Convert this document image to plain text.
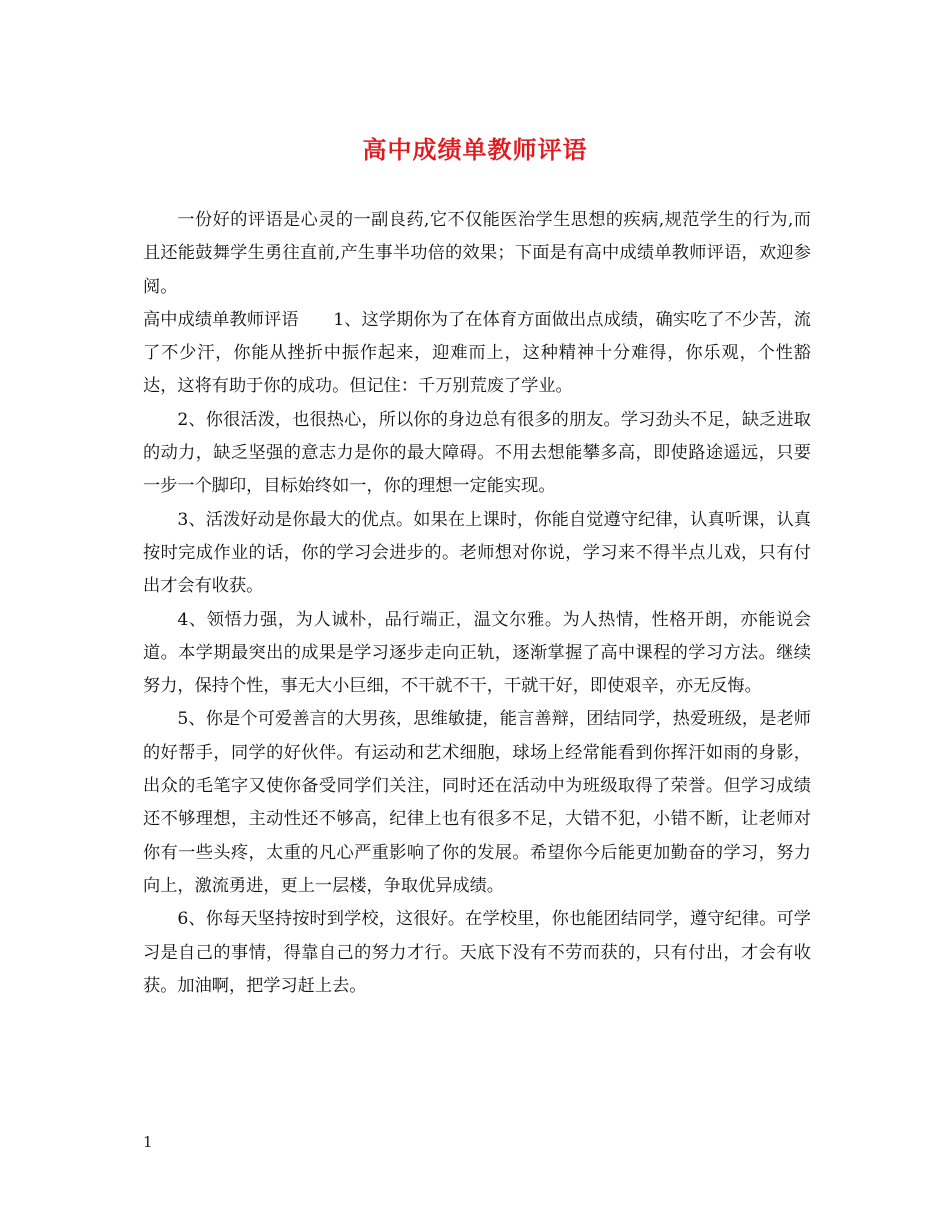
高中成绩单教师评语

一份好的评语是心灵的一副良药,它不仅能医治学生思想的疾病,规范学生的行为,而且还能鼓舞学生勇往直前,产生事半功倍的效果；下面是有高中成绩单教师评语，欢迎参阅。

高中成绩单教师评语　　1、这学期你为了在体育方面做出点成绩，确实吃了不少苦，流了不少汗，你能从挫折中振作起来，迎难而上，这种精神十分难得，你乐观，个性豁达，这将有助于你的成功。但记住：千万别荒废了学业。

2、你很活泼，也很热心，所以你的身边总有很多的朋友。学习劲头不足，缺乏进取的动力，缺乏坚强的意志力是你的最大障碍。不用去想能攀多高，即使路途遥远，只要一步一个脚印，目标始终如一，你的理想一定能实现。

3、活泼好动是你最大的优点。如果在上课时，你能自觉遵守纪律，认真听课，认真按时完成作业的话，你的学习会进步的。老师想对你说，学习来不得半点儿戏，只有付出才会有收获。

4、领悟力强，为人诚朴，品行端正，温文尔雅。为人热情，性格开朗，亦能说会道。本学期最突出的成果是学习逐步走向正轨，逐渐掌握了高中课程的学习方法。继续努力，保持个性，事无大小巨细，不干就不干，干就干好，即使艰辛，亦无反悔。

5、你是个可爱善言的大男孩，思维敏捷，能言善辩，团结同学，热爱班级，是老师的好帮手，同学的好伙伴。有运动和艺术细胞，球场上经常能看到你挥汗如雨的身影，出众的毛笔字又使你备受同学们关注，同时还在活动中为班级取得了荣誉。但学习成绩还不够理想，主动性还不够高，纪律上也有很多不足，大错不犯，小错不断，让老师对你有一些头疼，太重的凡心严重影响了你的发展。希望你今后能更加勤奋的学习，努力向上，激流勇进，更上一层楼，争取优异成绩。

6、你每天坚持按时到学校，这很好。在学校里，你也能团结同学，遵守纪律。可学习是自己的事情，得靠自己的努力才行。天底下没有不劳而获的，只有付出，才会有收获。加油啊，把学习赶上去。

1
